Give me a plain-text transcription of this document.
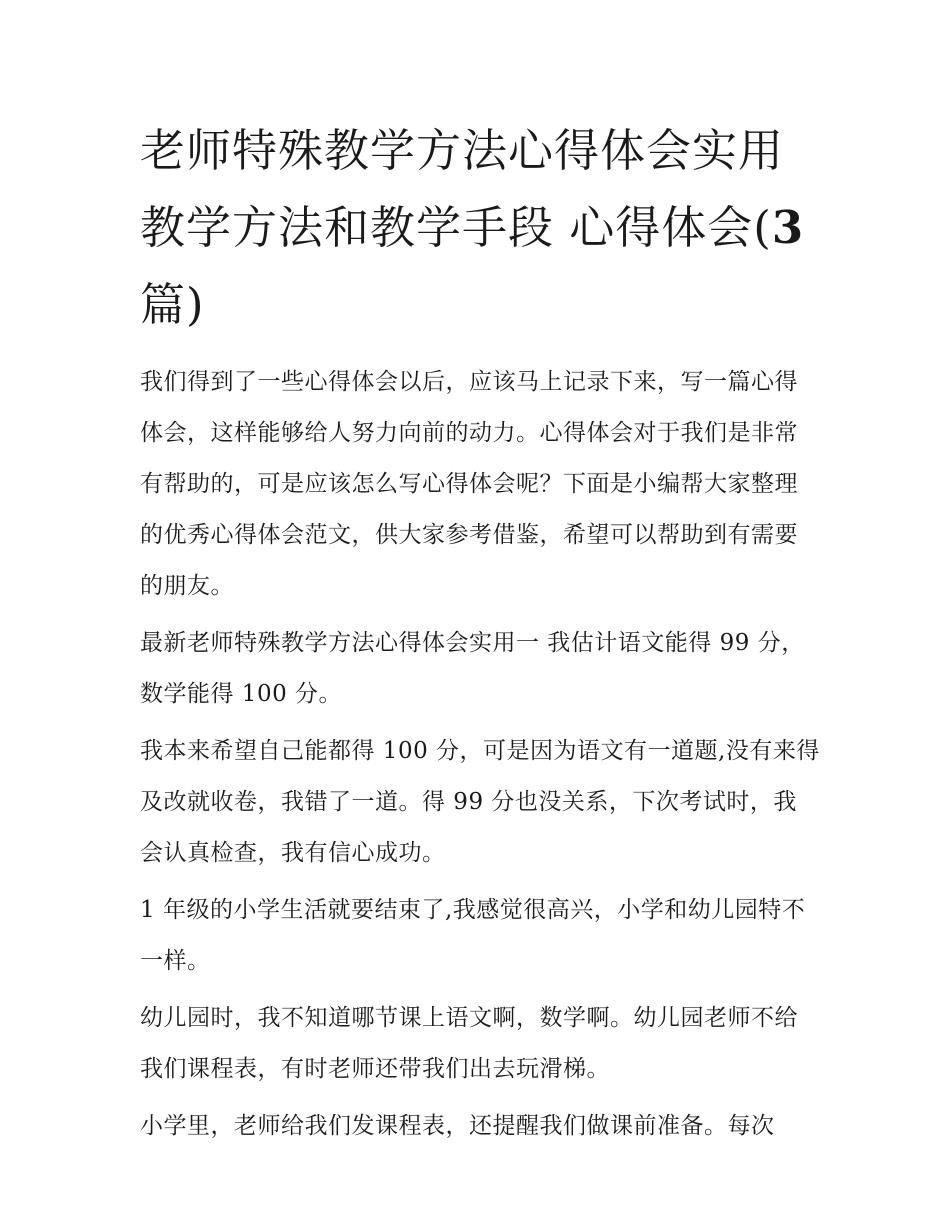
老师特殊教学方法心得体会实用 教学方法和教学手段 心得体会(3篇)

我们得到了一些心得体会以后，应该马上记录下来，写一篇心得体会，这样能够给人努力向前的动力。心得体会对于我们是非常有帮助的，可是应该怎么写心得体会呢？下面是小编帮大家整理的优秀心得体会范文，供大家参考借鉴，希望可以帮助到有需要的朋友。

最新老师特殊教学方法心得体会实用一 我估计语文能得 99 分，数学能得 100 分。

我本来希望自己能都得 100 分，可是因为语文有一道题,没有来得及改就收卷，我错了一道。得 99 分也没关系，下次考试时，我会认真检查，我有信心成功。

1 年级的小学生活就要结束了,我感觉很高兴，小学和幼儿园特不一样。

幼儿园时，我不知道哪节课上语文啊，数学啊。幼儿园老师不给我们课程表，有时老师还带我们出去玩滑梯。

小学里，老师给我们发课程表，还提醒我们做课前准备。每次
